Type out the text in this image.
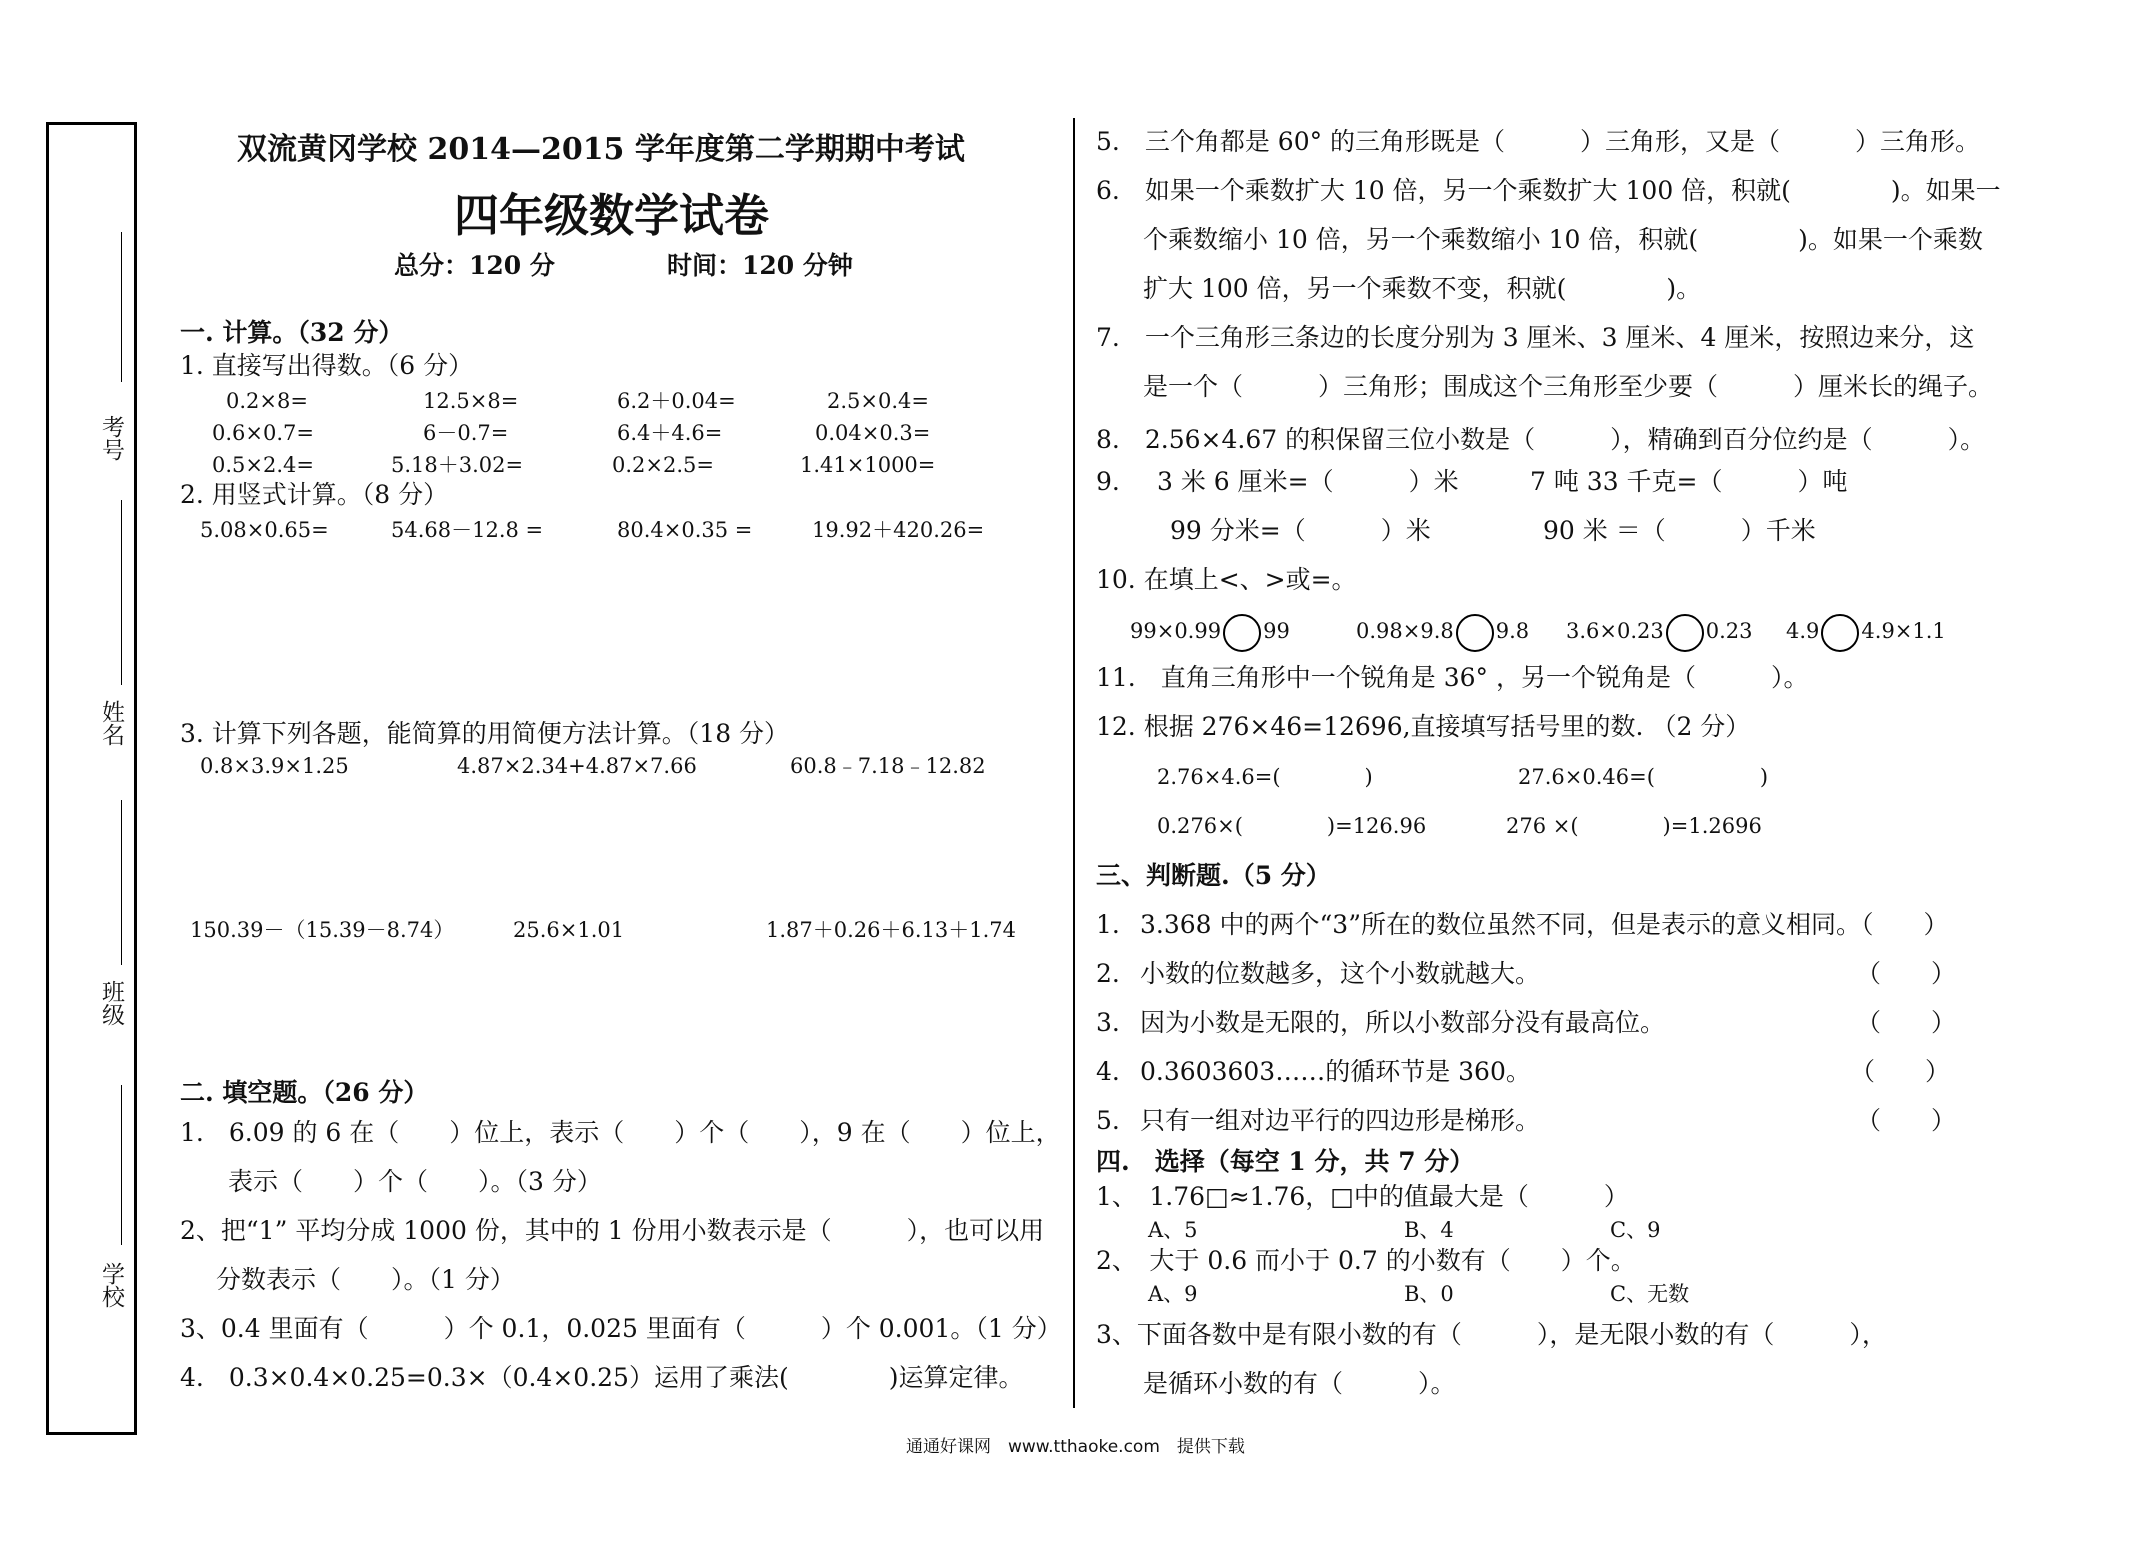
考号
姓名
班级
学校
双流黄冈学校 2014—2015 学年度第二学期期中考试
四年级数学试卷
总分：120 分	时间：120 分钟
一. 计算。（32 分）
1. 直接写出得数。（6 分）
0.2×8=	12.5×8=	6.2＋0.04=	2.5×0.4=
0.6×0.7=	6－0.7=	6.4＋4.6=	0.04×0.3=
0.5×2.4=	5.18＋3.02=	0.2×2.5=	1.41×1000=
2. 用竖式计算。（8 分）
5.08×0.65=	54.68－12.8 =	80.4×0.35 =	19.92＋420.26=
3. 计算下列各题，能简算的用简便方法计算。（18 分）
0.8×3.9×1.25	4.87×2.34+4.87×7.66	60.8﹣7.18﹣12.82
150.39－（15.39－8.74）	25.6×1.01	1.87＋0.26＋6.13＋1.74
二. 填空题。（26 分）
1.　6.09 的 6 在（　　）位上，表示（　　）个（　　），9 在（　　）位上，
表示（　　）个（　　）。（3 分）
2、把“1” 平均分成 1000 份，其中的 1 份用小数表示是（　　　），也可以用
分数表示（　　）。（1 分）
3、0.4 里面有（　　　）个 0.1，0.025 里面有（　　　）个 0.001。（1 分）
4.　0.3×0.4×0.25=0.3×（0.4×0.25）运用了乘法(　　　　)运算定律。
5.　三个角都是 60° 的三角形既是（　　　）三角形，又是（　　　）三角形。
6.　如果一个乘数扩大 10 倍，另一个乘数扩大 100 倍，积就(　　　　)。如果一
个乘数缩小 10 倍，另一个乘数缩小 10 倍，积就(　　　　)。如果一个乘数
扩大 100 倍，另一个乘数不变，积就(　　　　)。
7.　一个三角形三条边的长度分别为 3 厘米、3 厘米、4 厘米，按照边来分，这
是一个（　　　）三角形；围成这个三角形至少要（　　　）厘米长的绳子。
8.　2.56×4.67 的积保留三位小数是（　　　），精确到百分位约是（　　　）。
9. 3 米 6 厘米=（　　　）米	7 吨 33 千克=（　　　）吨
99 分米=（　　　）米	90 米 ＝（　　　）千米
10. 在填上<、>或=。
99×0.99 99	0.98×9.8 9.8 3.6×0.23 0.23 4.9 4.9×1.1
11.　直角三角形中一个锐角是 36° ，另一个锐角是（　　　）。
12. 根据 276×46=12696,直接填写括号里的数. （2 分）
2.76×4.6=(　　　　)	27.6×0.46=(　　　　　)
0.276×(　　　　)=126.96	276 ×(　　　　)=1.2696
三、判断题.（5 分）
1. 3.368 中的两个“3”所在的数位虽然不同，但是表示的意义相同。（　　）
2. 小数的位数越多，这个小数就越大。	（　　）
3. 因为小数是无限的，所以小数部分没有最高位。	（　　）
4. 0.3603603……的循环节是 360。	（　　）
5. 只有一组对边平行的四边形是梯形。	（　　）
四.　选择（每空 1 分，共 7 分）
1、　1.76□≈1.76，□中的值最大是（　　　）
A、5	B、4	C、9
2、　大于 0.6 而小于 0.7 的小数有（　　）个。
A、9	B、0	C、无数
3、下面各数中是有限小数的有（　　　），是无限小数的有（　　　），
是循环小数的有（　　　）。
通通好课网　www.tthaoke.com　提供下载
